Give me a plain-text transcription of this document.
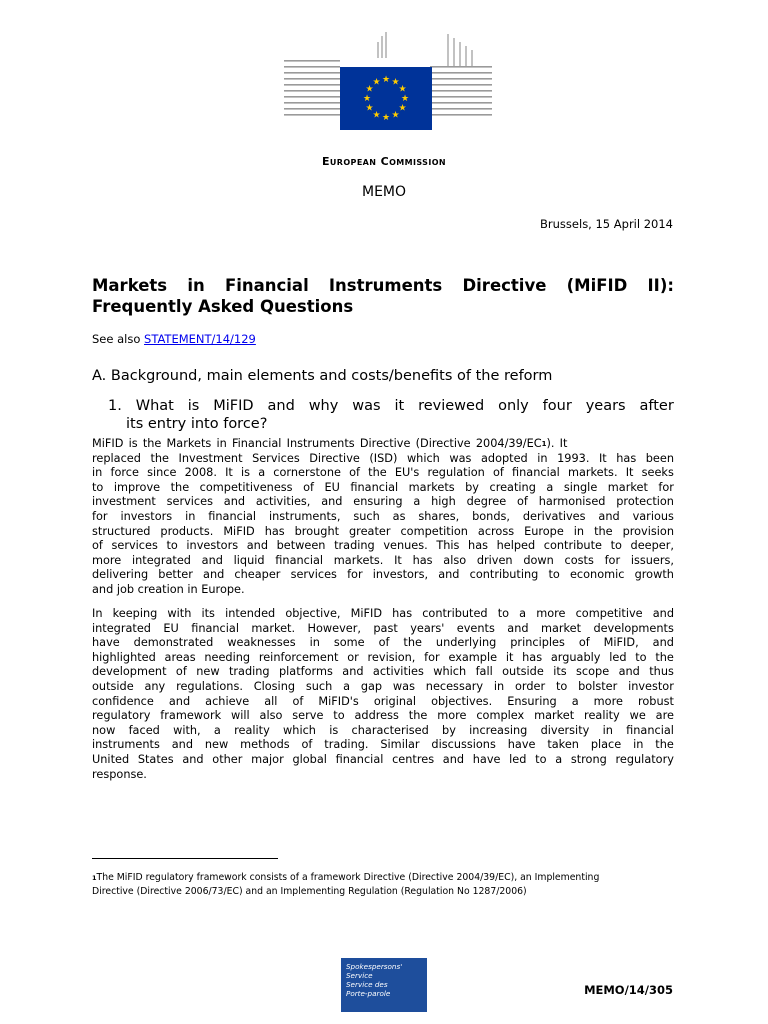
★ ★
★
★
★
★
★
★
★
★
★
★
European Commission
MEMO
Brussels, 15 April 2014
Markets in Financial Instruments Directive (MiFID II):
Frequently Asked Questions
See also STATEMENT/14/129
A. Background, main elements and costs/benefits of the reform
1. What is MiFID and why was it reviewed only four years after
its entry into force?
MiFID is the Markets in Financial Instruments Directive (Directive 2004/39/EC 1 ). It
replaced the Investment Services Directive (ISD) which was adopted in 1993. It has been
in force since 2008. It is a cornerstone of the EU's regulation of financial markets. It seeks
to improve the competitiveness of EU financial markets by creating a single market for
investment services and activities, and ensuring a high degree of harmonised protection
for investors in financial instruments, such as shares, bonds, derivatives and various
structured products. MiFID has brought greater competition across Europe in the provision
of services to investors and between trading venues. This has helped contribute to deeper,
more integrated and liquid financial markets. It has also driven down costs for issuers,
delivering better and cheaper services for investors, and contributing to economic growth
and job creation in Europe.
In keeping with its intended objective, MiFID has contributed to a more competitive and
integrated EU financial market. However, past years' events and market developments
have demonstrated weaknesses in some of the underlying principles of MiFID, and
highlighted areas needing reinforcement or revision, for example it has arguably led to the
development of new trading platforms and activities which fall outside its scope and thus
outside any regulations. Closing such a gap was necessary in order to bolster investor
confidence and achieve all of MiFID's original objectives. Ensuring a more robust
regulatory framework will also serve to address the more complex market reality we are
now faced with, a reality which is characterised by increasing diversity in financial
instruments and new methods of trading. Similar discussions have taken place in the
United States and other major global financial centres and have led to a strong regulatory
response.
1 The MiFID regulatory framework consists of a framework Directive (Directive 2004/39/EC), an Implementing
Directive (Directive 2006/73/EC) and an Implementing Regulation (Regulation No 1287/2006)
Spokespersons'
Service
Service des
Porte-parole	MEMO/14/305
